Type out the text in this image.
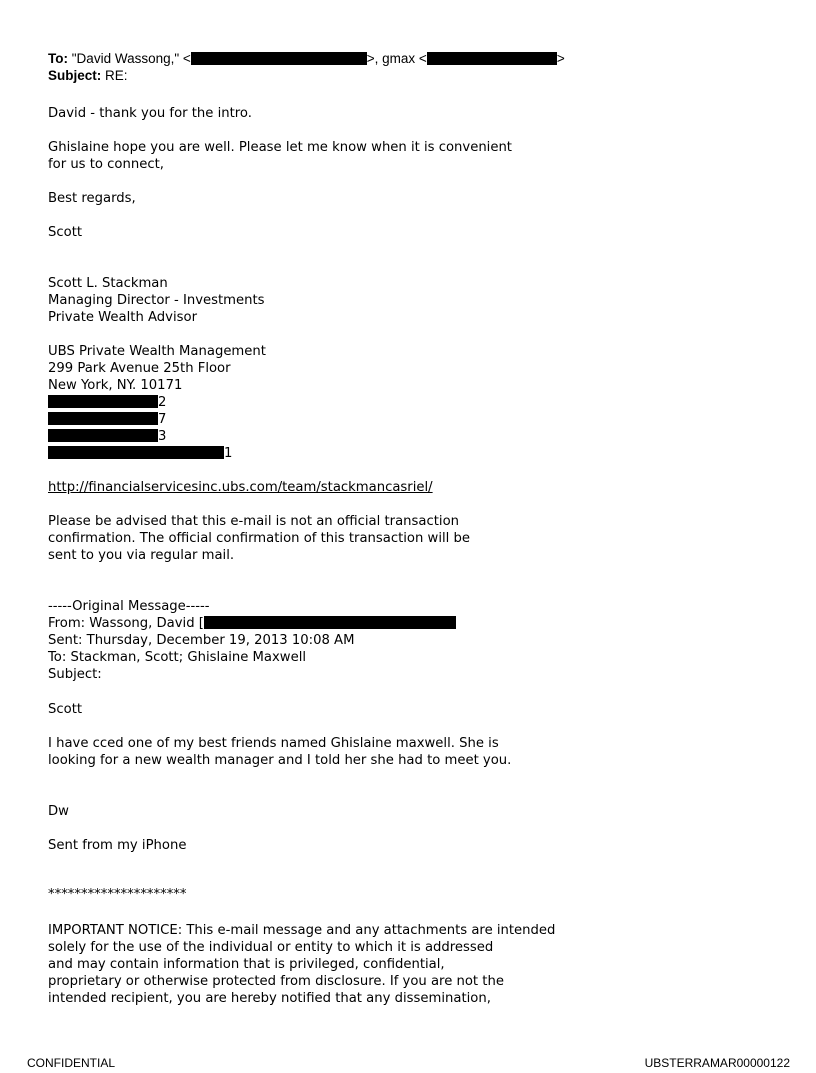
To: "David Wassong," <	>, gmax <	>
Subject: RE:
David - thank you for the intro.
Ghislaine hope you are well. Please let me know when it is convenient
for us to connect,
Best regards,
Scott
Scott L. Stackman
Managing Director - Investments
Private Wealth Advisor
UBS Private Wealth Management
299 Park Avenue 25th Floor
New York, NY. 10171
2
7
3
1
http://financialservicesinc.ubs.com/team/stackmancasriel/
Please be advised that this e-mail is not an official transaction
confirmation. The official confirmation of this transaction will be
sent to you via regular mail.
-----Original Message-----
From: Wassong, David [
Sent: Thursday, December 19, 2013 10:08 AM
To: Stackman, Scott; Ghislaine Maxwell
Subject:
Scott
I have cced one of my best friends named Ghislaine maxwell. She is
looking for a new wealth manager and I told her she had to meet you.
Dw
Sent from my iPhone
*********************
IMPORTANT NOTICE: This e-mail message and any attachments are intended
solely for the use of the individual or entity to which it is addressed
and may contain information that is privileged, confidential,
proprietary or otherwise protected from disclosure. If you are not the
intended recipient, you are hereby notified that any dissemination,
CONFIDENTIAL	UBSTERRAMAR00000122
